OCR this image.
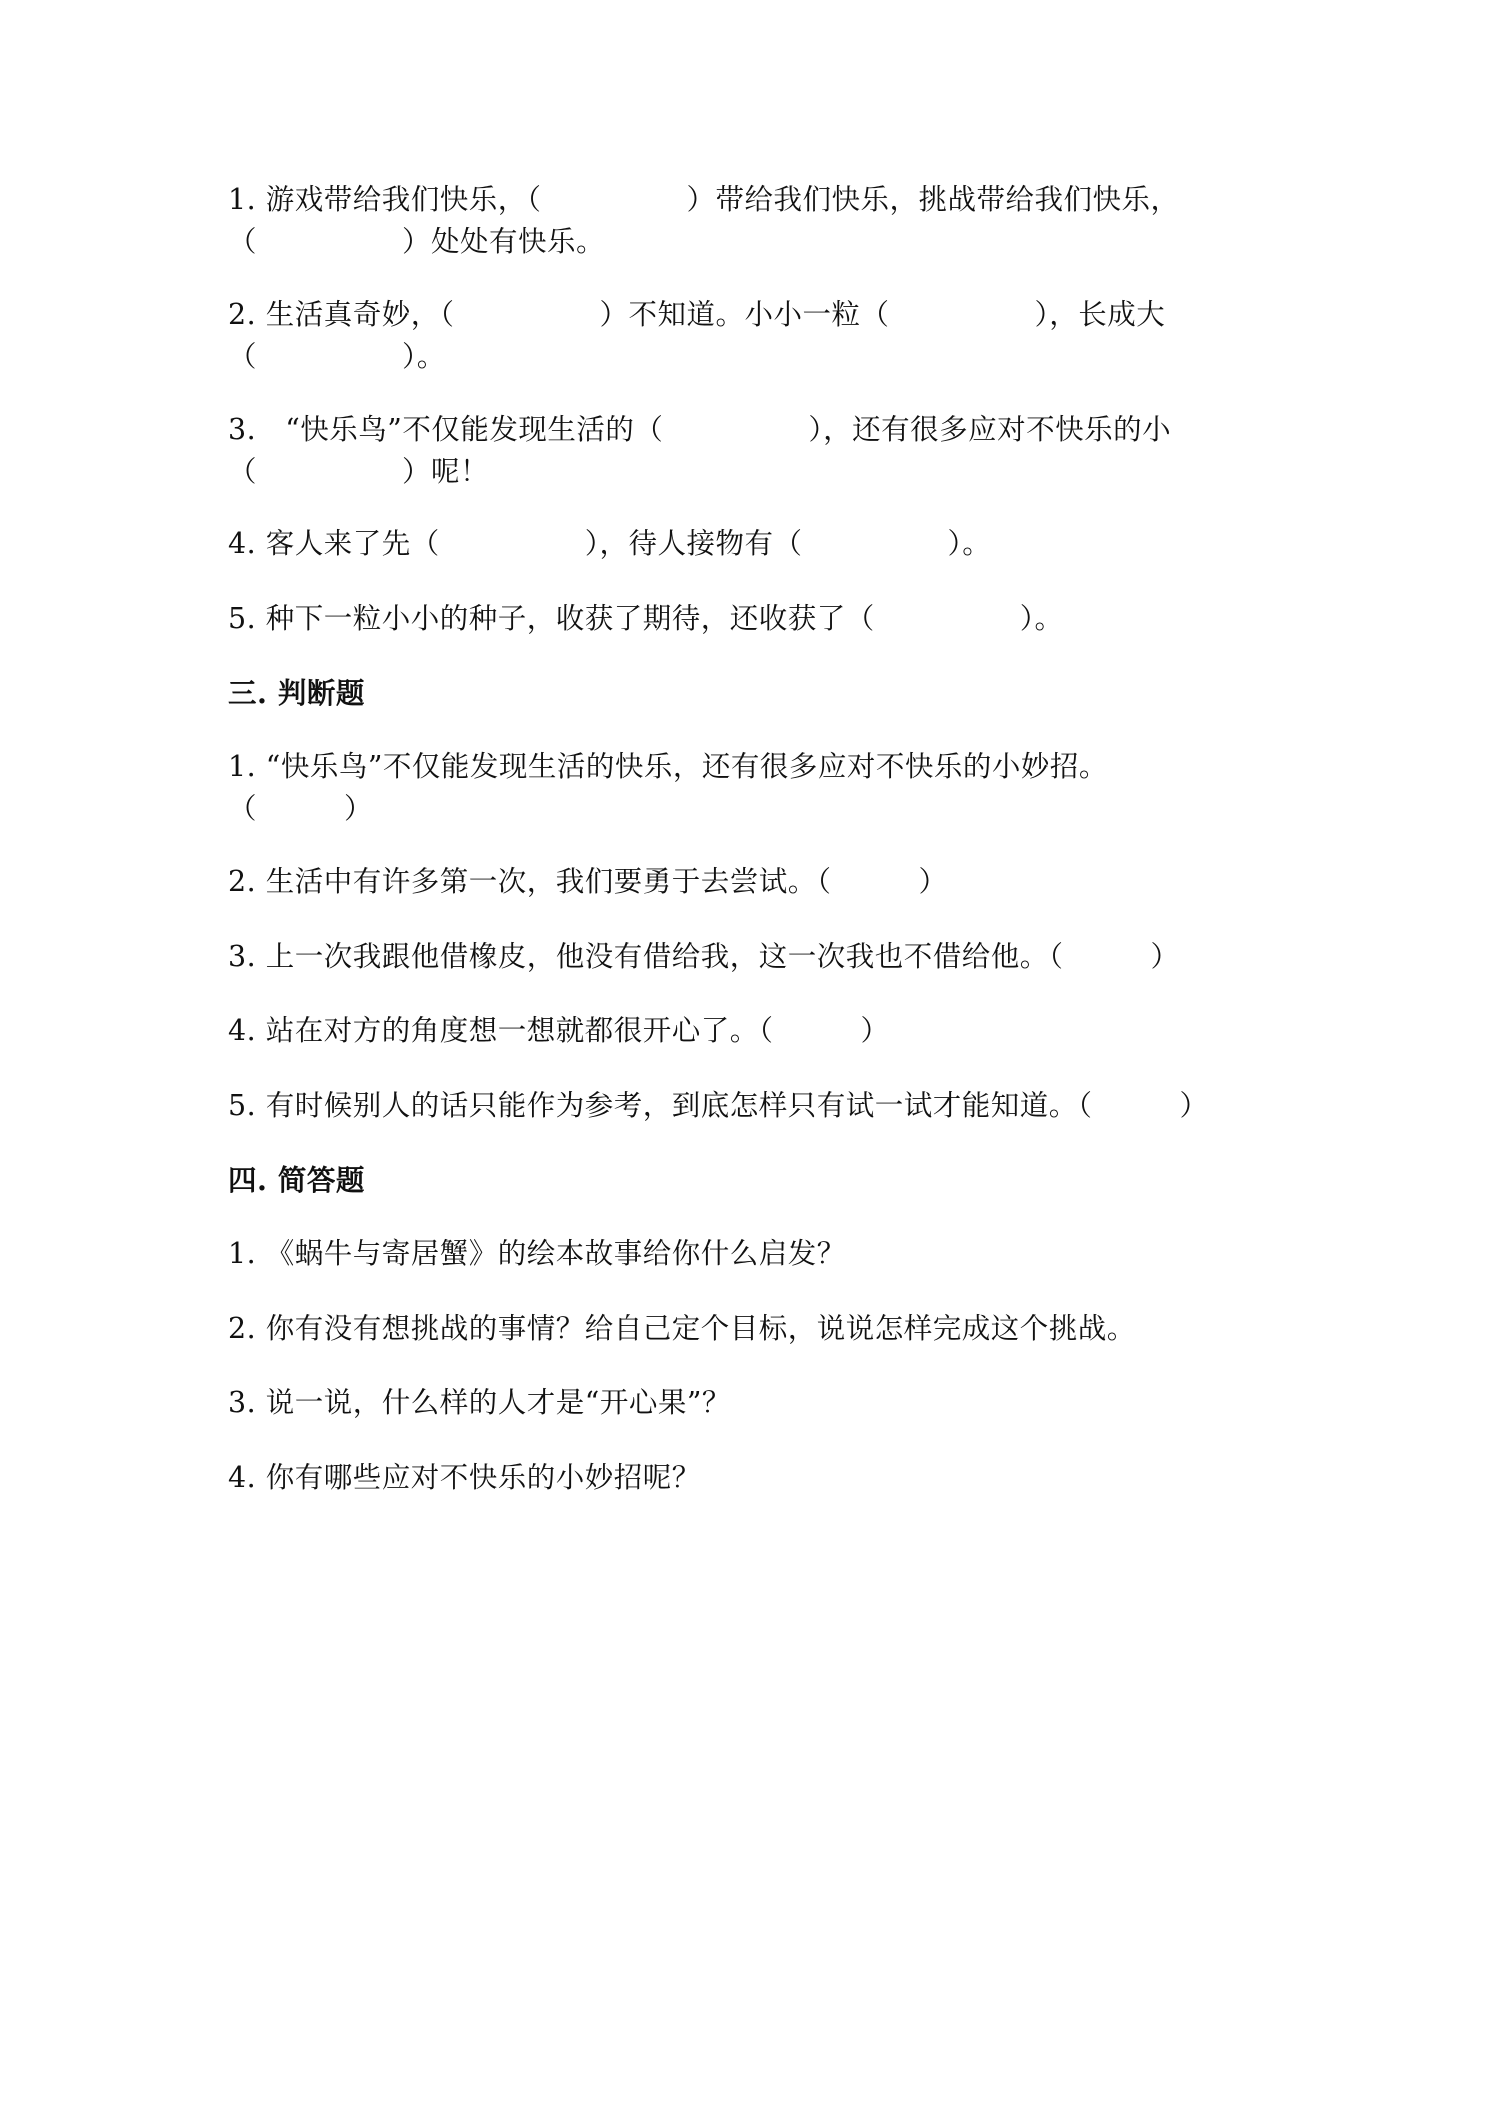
1. 游戏带给我们快乐，（　　　　　）带给我们快乐，挑战带给我们快乐，
（　　　　　）处处有快乐。
2. 生活真奇妙，（　　　　　）不知道。小小一粒（　　　　　），长成大
（　　　　　）。
3.　“快乐鸟”不仅能发现生活的（　　　　　），还有很多应对不快乐的小
（　　　　　）呢！
4. 客人来了先（　　　　　），待人接物有（　　　　　）。
5. 种下一粒小小的种子，收获了期待，还收获了（　　　　　）。
三. 判断题
1. “快乐鸟”不仅能发现生活的快乐，还有很多应对不快乐的小妙招。
（　　　）
2. 生活中有许多第一次，我们要勇于去尝试。（　　　）
3. 上一次我跟他借橡皮，他没有借给我，这一次我也不借给他。（　　　）
4. 站在对方的角度想一想就都很开心了。（　　　）
5. 有时候别人的话只能作为参考，到底怎样只有试一试才能知道。（　　　）
四. 简答题
1. 《蜗牛与寄居蟹》的绘本故事给你什么启发？
2. 你有没有想挑战的事情？给自己定个目标，说说怎样完成这个挑战。
3. 说一说，什么样的人才是“开心果”？
4. 你有哪些应对不快乐的小妙招呢？
